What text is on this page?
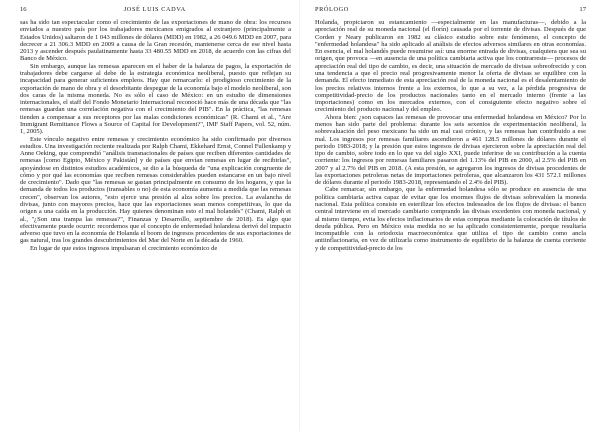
16	JOSÉ LUIS CADVA

sas ha sido tan espectacular como el crecimiento de las exportaciones de mano de obra: los recursos enviados a nuestro país por los trabajadores mexicanos emigrados al extranjero (principalmente a Estados Unidos) saltaron de 1 043 millones de dólares (MDD) en 1982, a 26 049.6 MDD en 2007, para decrecer a 21 306.3 MDD en 2009 a causa de la Gran recesión, mantenerse cerca de ese nivel hasta 2013 y ascender después paulatinamente hasta 33 480.55 MDD en 2018, de acuerdo con las cifras del Banco de México.

Sin embargo, aunque las remesas aparecen en el haber de la balanza de pagos, la exportación de trabajadores debe cargarse al debe de la estrategia económica neoliberal, puesto que reflejan su incapacidad para generar suficientes empleos. Hay que remarcarlo: el prodigioso crecimiento de la exportación de mano de obra y el desorbitante despegue de la economía bajo el modelo neoliberal, son dos caras de la misma moneda. No es sólo el caso de México: en un estudio de dimensiones internacionales, el staff del Fondo Monetario Internacional reconoció hace más de una década que "las remesas guardan una correlación negativa con el crecimiento del PIB". En la práctica, "las remesas tienden a compensar a sus receptores por las malas condiciones económicas" (R. Chami et al., "Are Immigrant Remittance Flows a Source of Capital for Development?", IMF Staff Papers, vol. 52, núm. 1, 2005).

Este vínculo negativo entre remesas y crecimiento económico ha sido confirmado por diversos estudios. Una investigación reciente realizada por Ralph Chami, Ekkehard Ernst, Connel Fullenkamp y Anne Oeking, que comprendió "análisis transnacionales de países que reciben diferentes cantidades de remesas [como Egipto, México y Pakistán] y de países que envían remesas en lugar de recibirlas", apoyándose en distintos estudios académicos, se dio a la búsqueda de "una explicación congruente de cómo y por qué las economías que reciben remesas considerables pueden estancarse en un bajo nivel de crecimiento". Dado que "las remesas se gastan principalmente en consumo de los hogares, y que la demanda de todos los productos (transables o no) de esta economía aumenta a medida que las remesas crecen", observan los autores, "esto ejerce una presión al alza sobre los precios. La avalancha de divisas, junto con mayores precios, hace que las exportaciones sean menos competitivas, lo que da origen a una caída en la producción. Hay quienes denominan esto el mal holandés" (Chami, Ralph et al., "¿Son una trampa las remesas?", Finanzas y Desarrollo, septiembre de 2018). Es algo que efectivamente puede ocurrir: recordemos que el concepto de enfermedad holandesa derivó del impacto adverso que tuvo en la economía de Holanda el boom de ingresos procedentes de sus exportaciones de gas natural, tras los grandes descubrimientos del Mar del Norte en la década de 1960.

En lugar de que estos ingresos impulsaran el crecimiento económico de

PRÓLOGO	17

Holanda, propiciaron su estancamiento —especialmente en las manufacturas—, debido a la apreciación real de su moneda nacional (el florín) causada por el torrente de divisas. Después de que Corden y Neary publicaron en 1982 su clásico estudio sobre este fenómeno, el concepto de "enfermedad holandesa" ha sido aplicado al análisis de efectos adversos similares en otras economías. En esencia, el mal holandés puede resumirse así: una enorme entrada de divisas, cualquiera que sea su origen, que provoca —en ausencia de una política cambiaria activa que los contrarreste— procesos de apreciación real del tipo de cambio, es decir, una situación de mercado de divisas sobreofrecido y con una tendencia a que el precio real progresivamente menor la oferta de divisas se equilibre con la demanda. El efecto inmediato de esta apreciación real de la moneda nacional es el desalentamiento de los precios relativos internos frente a los externos, lo que a su vez, a la pérdida progresiva de competitividad-precio de los productos nacionales tanto en el mercado interno (frente a las importaciones) como en los mercados externos, con el consiguiente efecto negativo sobre el crecimiento del producto nacional y del empleo.

Ahora bien: ¿son capaces las remesas de provocar una enfermedad holandesa en México? Por lo menos han sido parte del problema: durante los seis sexenios de experimentación neoliberal, la sobrevaluación del peso mexicano ha sido un mal casi crónico, y las remesas han contribuido a ese mal. Los ingresos por remesas familiares ascendieron a 461 128.5 millones de dólares durante el periodo 1983-2018; y la presión que estos ingresos de divisas ejercieron sobre la apreciación real del tipo de cambio, sobre todo en lo que va del siglo XXI, puede inferirse de su contribución a la cuenta corriente: los ingresos por remesas familiares pasaron del 1.13% del PIB en 2000, al 2.5% del PIB en 2007 y al 2.7% del PIB en 2018. (A esta presión, se agregaron los ingresos de divisas procedentes de las exportaciones petroleras netas de importaciones petroleras, que alcanzaron los 431 572.1 millones de dólares durante el periodo 1983-2018, representando el 2.4% del PIB).

Cabe remarcar, sin embargo, que la enfermedad holandesa sólo se produce en ausencia de una política cambiaria activa capaz de evitar que los enormes flujos de divisas sobrevalúen la moneda nacional. Esta política consiste en esterilizar los efectos indeseados de los flujos de divisas: el banco central interviene en el mercado cambiario comprando las divisas excedentes con moneda nacional, y al mismo tiempo, evita los efectos inflacionarios de estas compras mediante la colocación de títulos de deuda pública. Pero en México esta medida no se ha aplicado consistentemente, porque resultaría incompatible con la ortodoxia macroeconómica que utiliza el tipo de cambio como ancla antiinflacionaria, en vez de utilizarla como instrumento de equilibrio de la balanza de cuenta corriente y de competitividad-precio de los
